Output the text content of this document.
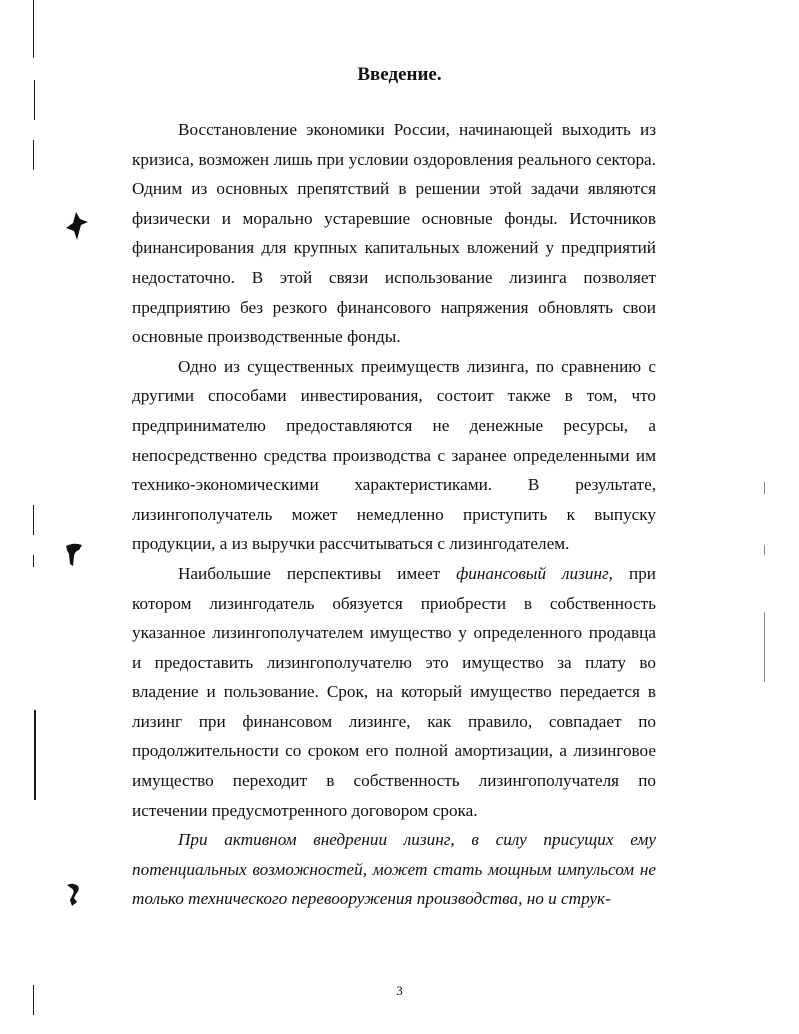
Введение.

Восстановление экономики России, начинающей выходить из кризиса, возможен лишь при условии оздоровления реального сектора. Одним из основных препятствий в решении этой задачи являются физически и морально устаревшие основные фонды. Источников финансирования для крупных капитальных вложений у предприятий недостаточно. В этой связи использование лизинга позволяет предприятию без резкого финансового напряжения обновлять свои основные производственные фонды.

Одно из существенных преимуществ лизинга, по сравнению с другими способами инвестирования, состоит также в том, что предпринимателю предоставляются не денежные ресурсы, а непосредственно средства производства с заранее определенными им технико-экономическими характеристиками. В результате, лизингополучатель может немедленно приступить к выпуску продукции, а из выручки рассчитываться с лизингодателем.

Наибольшие перспективы имеет финансовый лизинг, при котором лизингодатель обязуется приобрести в собственность указанное лизингополучателем имущество у определенного продавца и предоставить лизингополучателю это имущество за плату во владение и пользование. Срок, на который имущество передается в лизинг при финансовом лизинге, как правило, совпадает по продолжительности со сроком его полной амортизации, а лизинговое имущество переходит в собственность лизингополучателя по истечении предусмотренного договором срока.

При активном внедрении лизинг, в силу присущих ему потенциальных возможностей, может стать мощным импульсом не только технического перевооружения производства, но и струк-

3
